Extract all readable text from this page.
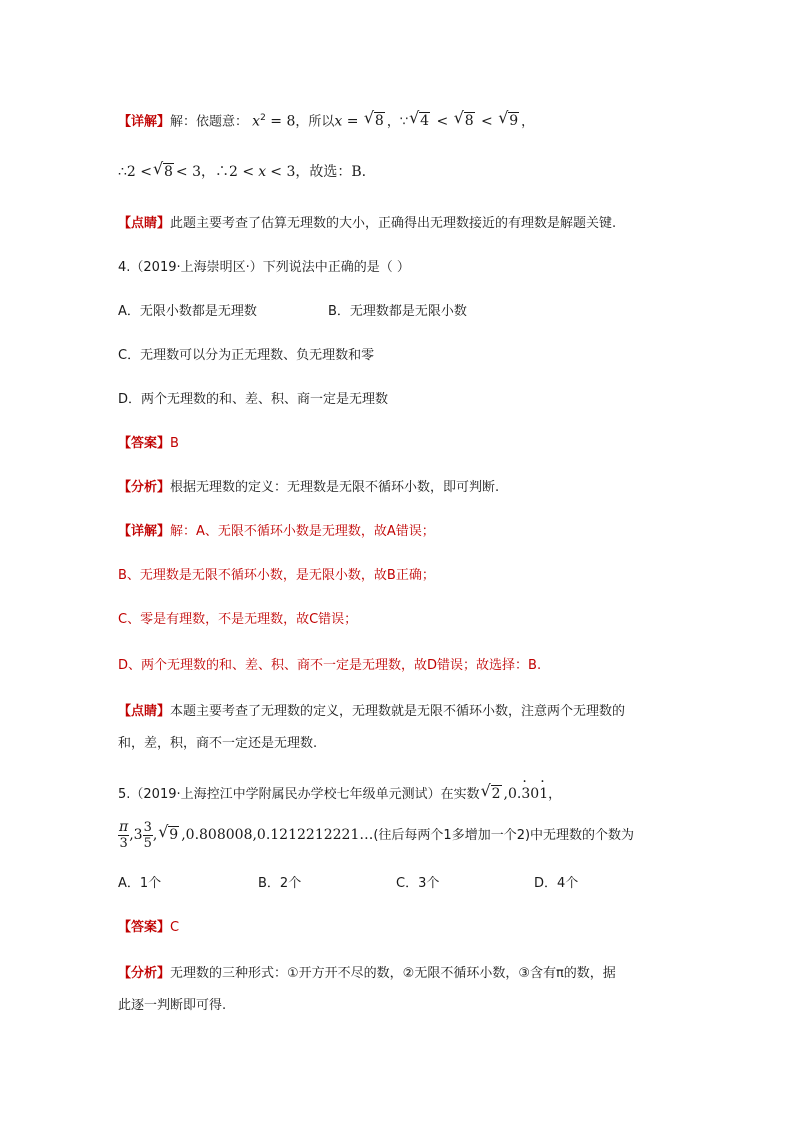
【详解】解：依题意： $x^2 = 8$，所以x = √ 8 ，∵ √ 4 < √ 8 < √ 9 ，
∴2 < √ 8 < 3，∴2 < x < 3，故选：B.
【点睛】此题主要考查了估算无理数的大小，正确得出无理数接近的有理数是解题关键.
4.（2019·上海崇明区·）下列说法中正确的是（ ）
A．无限小数都是无理数	B．无理数都是无限小数
C．无理数可以分为正无理数、负无理数和零
D．两个无理数的和、差、积、商一定是无理数
【答案】B
【分析】根据无理数的定义：无理数是无限不循环小数，即可判断.
【详解】解：A、无限不循环小数是无理数，故A错误；
B、无理数是无限不循环小数，是无限小数，故B正确；
C、零是有理数，不是无理数，故C错误；
D、两个无理数的和、差、积、商不一定是无理数，故D错误；故选择：B.
【点睛】本题主要考查了无理数的定义，无理数就是无限不循环小数，注意两个无理数的
和，差，积，商不一定还是无理数.
5.（2019·上海控江中学附属民办学校七年级单元测试）在实数 √ 2 ,0.· 30· 1，
$\frac{\pi}{3} ,3 \frac{3}{5}$ , √ 9 ,0.808008,0.1212212221…(往后每两个1多增加一个2)中无理数的个数为
A．1个	B．2个	C．3个	D．4个
【答案】C
【分析】无理数的三种形式：①开方开不尽的数，②无限不循环小数，③含有π的数，据
此逐一判断即可得.
